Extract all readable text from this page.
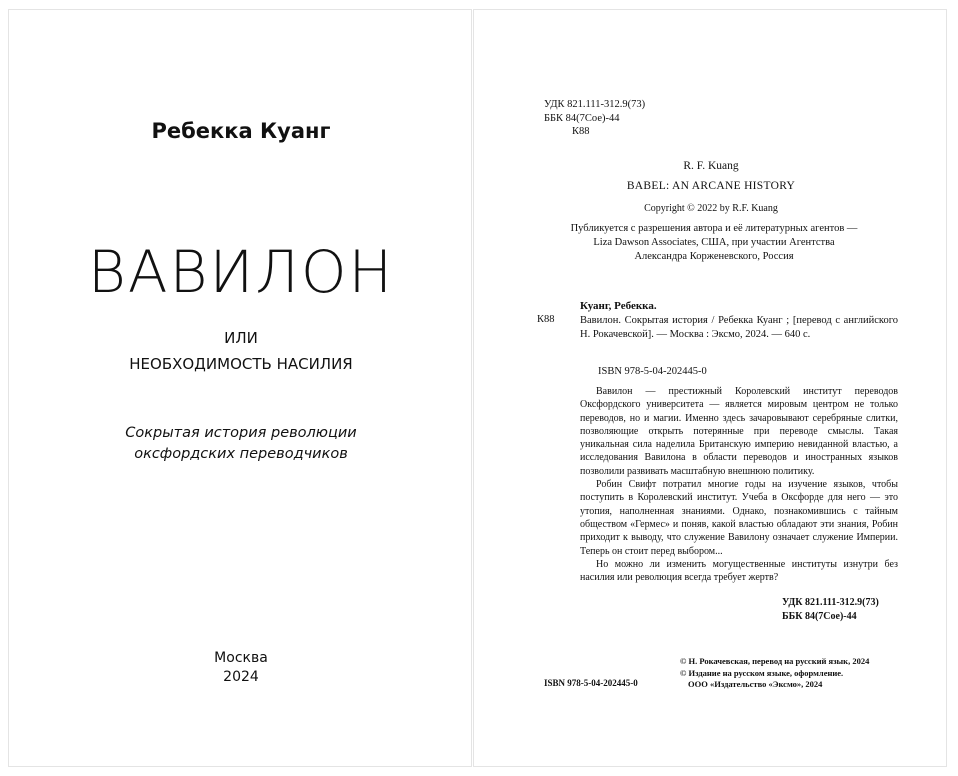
Ребекка Куанг
ВАВИЛОН
ИЛИ
НЕОБХОДИМОСТЬ НАСИЛИЯ
Сокрытая история революции
оксфордских переводчиков
Москва
2024
УДК 821.111-312.9(73)
ББК 84(7Сое)-44
К88
R. F. Kuang
BABEL: AN ARCANE HISTORY
Copyright © 2022 by R.F. Kuang
Публикуется с разрешения автора и её литературных агентов —
Liza Dawson Associates, США, при участии Агентства
Александра Корженевского, Россия
Куанг, Ребекка.
К88 Вавилон. Сокрытая история / Ребекка Куанг ; [перевод с английского Н. Рокачевской]. — Москва : Эксмо, 2024. — 640 с.
ISBN 978-5-04-202445-0

Вавилон — престижный Королевский институт переводов Оксфордского университета — является мировым центром не только переводов, но и магии. Именно здесь зачаровывают серебряные слитки, позволяющие открыть потерянные при переводе смыслы. Такая уникальная сила наделила Британскую империю невиданной властью, а исследования Вавилона в области переводов и иностранных языков позволили развивать масштабную внешнюю политику.

Робин Свифт потратил многие годы на изучение языков, чтобы поступить в Королевский институт. Учеба в Оксфорде для него — это утопия, наполненная знаниями. Однако, познакомившись с тайным обществом «Гермес» и поняв, какой властью обладают эти знания, Робин приходит к выводу, что служение Вавилону означает служение Империи. Теперь он стоит перед выбором...

Но можно ли изменить могущественные институты изнутри без насилия или революция всегда требует жертв?

УДК 821.111-312.9(73)
ББК 84(7Сое)-44
ISBN 978-5-04-202445-0
© Н. Рокачевская, перевод на русский язык, 2024
© Издание на русском языке, оформление.
ООО «Издательство «Эксмо», 2024
